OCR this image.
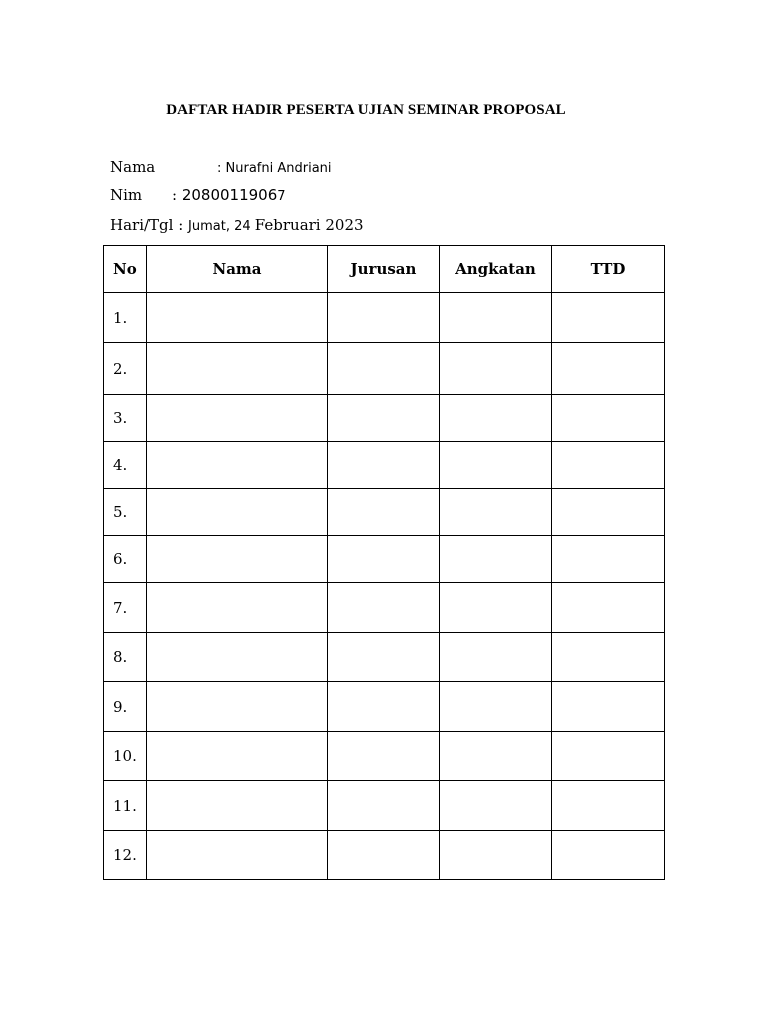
DAFTAR HADIR PESERTA UJIAN SEMINAR PROPOSAL
Nama	: Nurafni Andriani
Nim : 20800119067
Hari/Tgl : Jumat, 24 Februari 2023
No	Nama	Jurusan	Angkatan	TTD
1.				
2.				
3.				
4.				
5.				
6.				
7.				
8.				
9.				
10.				
11.				
12.				
